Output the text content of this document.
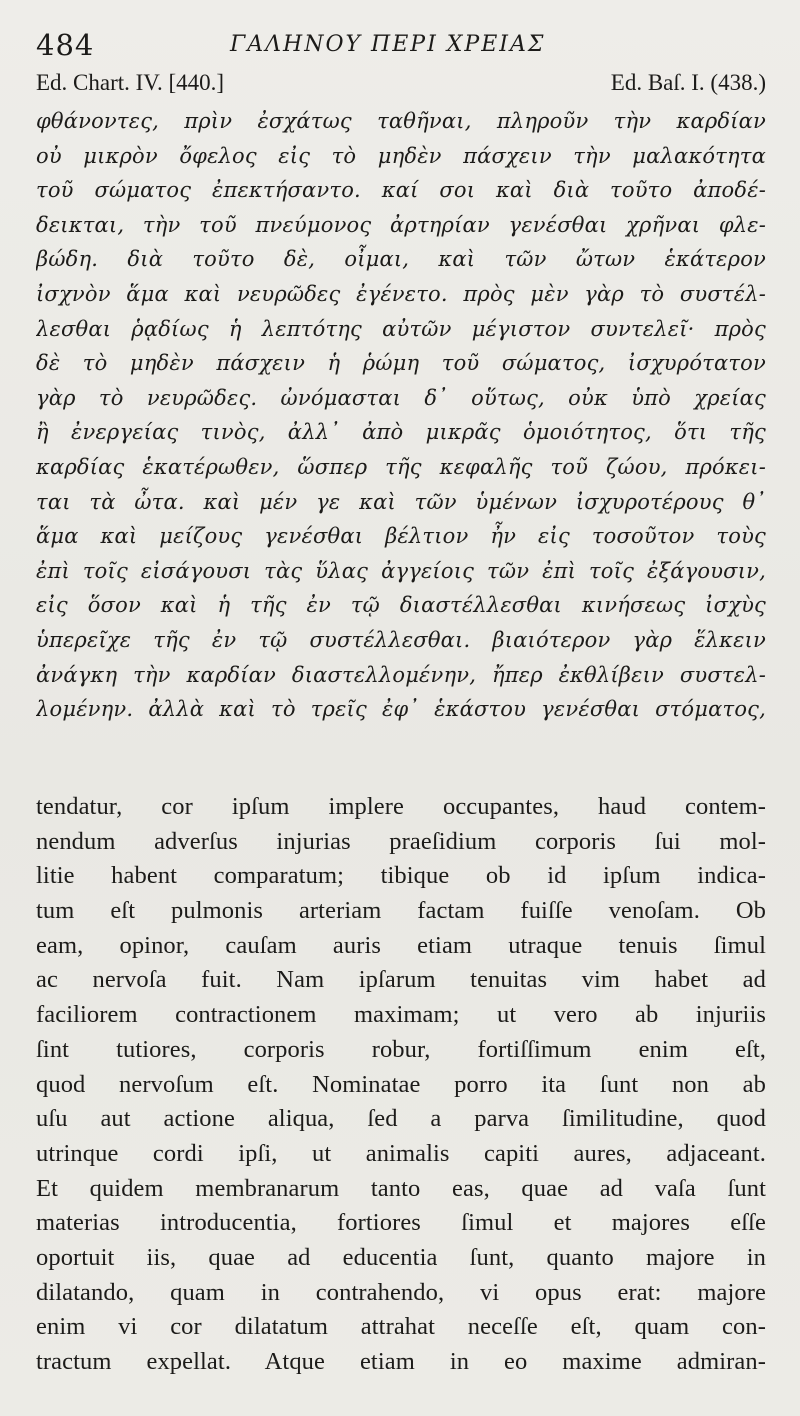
484	ΓΑΛΗΝΟΥ ΠΕΡΙ ΧΡΕΙΑΣ
Ed. Chart. IV. [440.]	Ed. Baſ. I. (438.)
φθάνοντες, πρὶν ἐσχάτως ταθῆναι, πληροῦν τὴν καρδίαν
οὐ μικρὸν ὄφελος εἰς τὸ μηδὲν πάσχειν τὴν μαλακότητα
τοῦ σώματος ἐπεκτήσαντο. καί σοι καὶ διὰ τοῦτο ἀποδέ-
δεικται, τὴν τοῦ πνεύμονος ἀρτηρίαν γενέσθαι χρῆναι φλε-
βώδη. διὰ τοῦτο δὲ, οἶμαι, καὶ τῶν ὤτων ἑκάτερον
ἰσχνὸν ἅμα καὶ νευρῶδες ἐγένετο. πρὸς μὲν γὰρ τὸ συστέλ-
λεσθαι ῥᾳδίως ἡ λεπτότης αὐτῶν μέγιστον συντελεῖ· πρὸς
δὲ τὸ μηδὲν πάσχειν ἡ ῥώμη τοῦ σώματος, ἰσχυρότατον
γὰρ τὸ νευρῶδες. ὠνόμασται δ᾽ οὕτως, οὐκ ὑπὸ χρείας
ἢ ἐνεργείας τινὸς, ἀλλ᾽ ἀπὸ μικρᾶς ὁμοιότητος, ὅτι τῆς
καρδίας ἑκατέρωθεν, ὥσπερ τῆς κεφαλῆς τοῦ ζώου, πρόκει-
ται τὰ ὦτα. καὶ μέν γε καὶ τῶν ὑμένων ἰσχυροτέρους θ᾽
ἅμα καὶ μείζους γενέσθαι βέλτιον ἦν εἰς τοσοῦτον τοὺς
ἐπὶ τοῖς εἰσάγουσι τὰς ὕλας ἀγγείοις τῶν ἐπὶ τοῖς ἐξάγουσιν,
εἰς ὅσον καὶ ἡ τῆς ἐν τῷ διαστέλλεσθαι κινήσεως ἰσχὺς
ὑπερεῖχε τῆς ἐν τῷ συστέλλεσθαι. βιαιότερον γὰρ ἕλκειν
ἀνάγκη τὴν καρδίαν διαστελλομένην, ἤπερ ἐκθλίβειν συστελ-
λομένην. ἀλλὰ καὶ τὸ τρεῖς ἐφ᾽ ἑκάστου γενέσθαι στόματος,
tendatur, cor ipſum implere occupantes, haud contem-
nendum adverſus injurias praeſidium corporis ſui mol-
litie habent comparatum; tibique ob id ipſum indica-
tum eſt pulmonis arteriam factam fuiſſe venoſam. Ob
eam, opinor, cauſam auris etiam utraque tenuis ſimul
ac nervoſa fuit. Nam ipſarum tenuitas vim habet ad
faciliorem contractionem maximam; ut vero ab injuriis
ſint tutiores, corporis robur, fortiſſimum enim eſt,
quod nervoſum eſt. Nominatae porro ita ſunt non ab
uſu aut actione aliqua, ſed a parva ſimilitudine, quod
utrinque cordi ipſi, ut animalis capiti aures, adjaceant.
Et quidem membranarum tanto eas, quae ad vaſa ſunt
materias introducentia, fortiores ſimul et majores eſſe
oportuit iis, quae ad educentia ſunt, quanto majore in
dilatando, quam in contrahendo, vi opus erat: majore
enim vi cor dilatatum attrahat neceſſe eſt, quam con-
tractum expellat. Atque etiam in eo maxime admiran-
